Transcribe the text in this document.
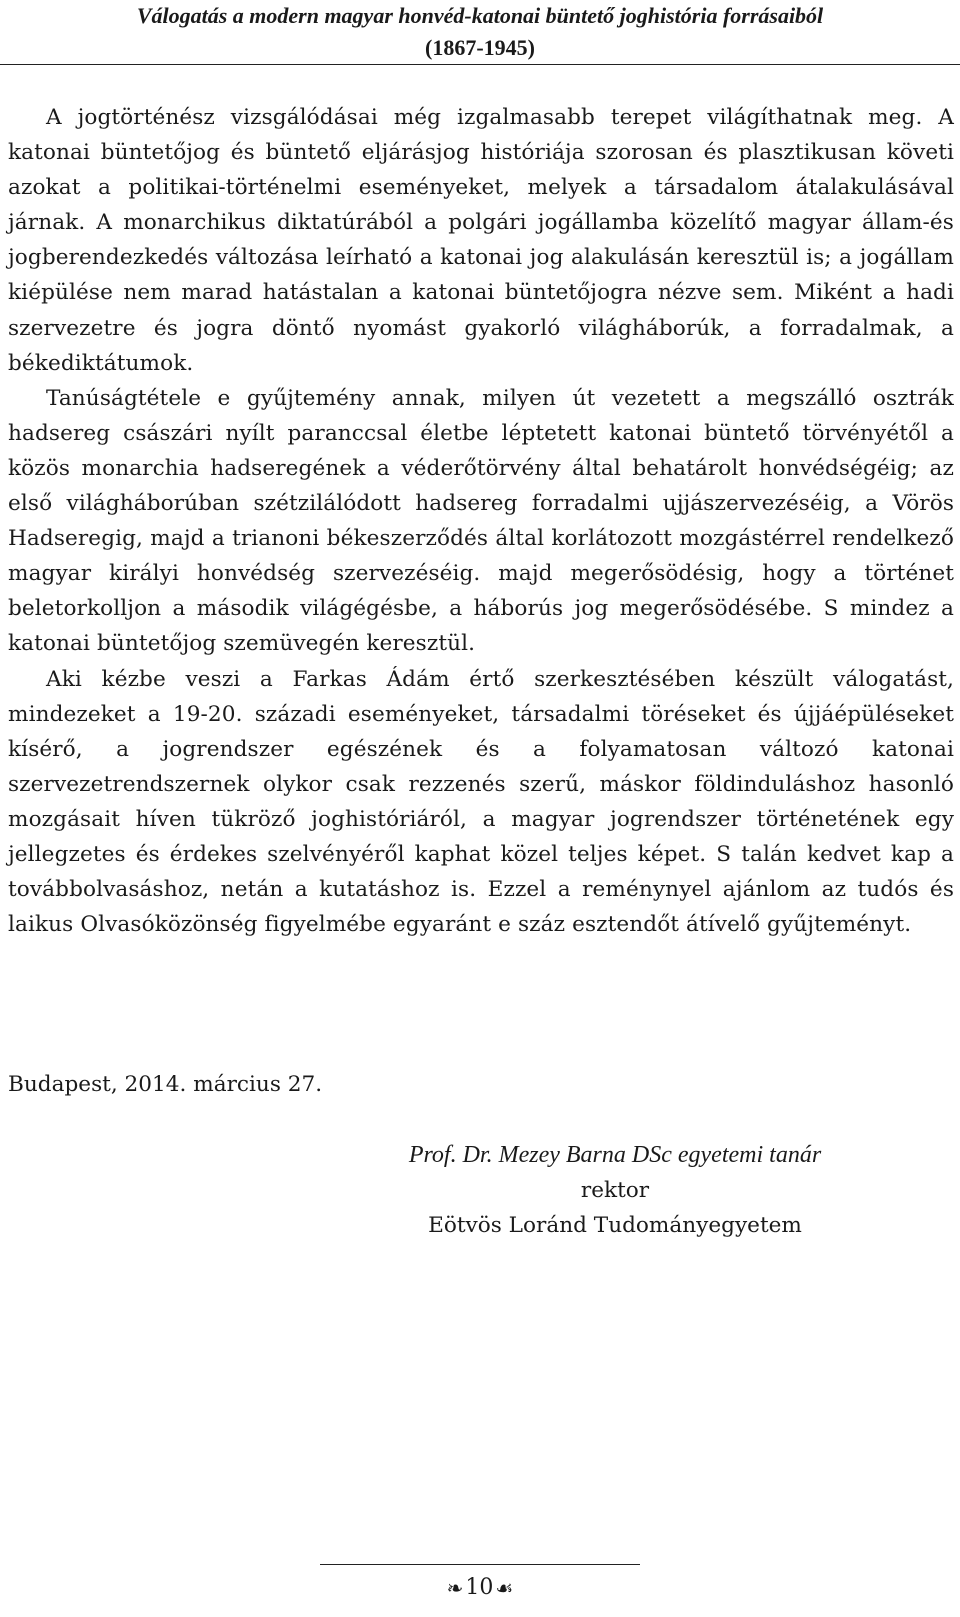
Válogatás a modern magyar honvéd-katonai büntető joghistória forrásaiból
(1867-1945)

A jogtörténész vizsgálódásai még izgalmasabb terepet világíthatnak meg. A katonai büntetőjog és büntető eljárásjog históriája szorosan és plasztikusan követi azokat a politikai-történelmi eseményeket, melyek a társadalom átalakulásával járnak. A monarchikus diktatúrából a polgári jogállamba közelítő magyar állam-és jogberendezkedés változása leírható a katonai jog alakulásán keresztül is; a jogállam kiépülése nem marad hatástalan a katonai büntetőjogra nézve sem. Miként a hadi szervezetre és jogra döntő nyomást gyakorló világháborúk, a forradalmak, a békediktátumok.

Tanúságtétele e gyűjtemény annak, milyen út vezetett a megszálló osztrák hadsereg császári nyílt paranccsal életbe léptetett katonai büntető törvényétől a közös monarchia hadseregének a véderőtörvény által behatárolt honvédségéig; az első világháborúban szétzilálódott hadsereg forradalmi ujjászervezéséig, a Vörös Hadseregig, majd a trianoni békeszerződés által korlátozott mozgástérrel rendelkező magyar királyi honvédség szervezéséig. majd megerősödésig, hogy a történet beletorkolljon a második világégésbe, a háborús jog megerősödésébe. S mindez a katonai büntetőjog szemüvegén keresztül.

Aki kézbe veszi a Farkas Ádám értő szerkesztésében készült válogatást, mindezeket a 19-20. századi eseményeket, társadalmi töréseket és újjáépüléseket kísérő, a jogrendszer egészének és a folyamatosan változó katonai szervezetrendszernek olykor csak rezzenés szerű, máskor földinduláshoz hasonló mozgásait híven tükröző joghistóriáról, a magyar jogrendszer történetének egy jellegzetes és érdekes szelvényéről kaphat közel teljes képet. S talán kedvet kap a továbbolvasáshoz, netán a kutatáshoz is. Ezzel a reménynyel ajánlom az tudós és laikus Olvasóközönség figyelmébe egyaránt e száz esztendőt átívelő gyűjteményt.

Budapest, 2014. március 27.
Prof. Dr. Mezey Barna DSc egyetemi tanár
rektor
Eötvös Loránd Tudományegyetem
❧10 ☙
